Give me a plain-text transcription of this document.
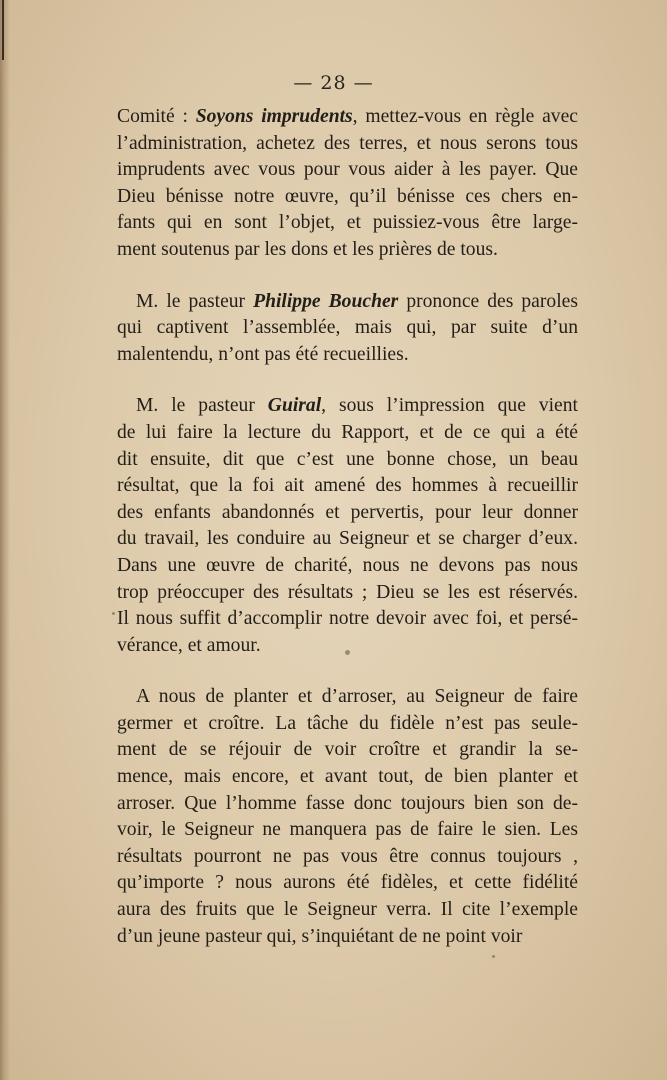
— 28 —
Comité : Soyons imprudents, mettez-vous en règle avec
l’administration, achetez des terres, et nous serons tous
imprudents avec vous pour vous aider à les payer. Que
Dieu bénisse notre œuvre, qu’il bénisse ces chers en-
fants qui en sont l’objet, et puissiez-vous être large-
ment soutenus par les dons et les prières de tous.
M. le pasteur Philippe Boucher prononce des paroles
qui captivent l’assemblée, mais qui, par suite d’un
malentendu, n’ont pas été recueillies.
M. le pasteur Guiral, sous l’impression que vient
de lui faire la lecture du Rapport, et de ce qui a été
dit ensuite, dit que c’est une bonne chose, un beau
résultat, que la foi ait amené des hommes à recueillir
des enfants abandonnés et pervertis, pour leur donner
du travail, les conduire au Seigneur et se charger d’eux.
Dans une œuvre de charité, nous ne devons pas nous
trop préoccuper des résultats ; Dieu se les est réservés.
Il nous suffit d’accomplir notre devoir avec foi, et persé-
vérance, et amour.
A nous de planter et d’arroser, au Seigneur de faire
germer et croître. La tâche du fidèle n’est pas seule-
ment de se réjouir de voir croître et grandir la se-
mence, mais encore, et avant tout, de bien planter et
arroser. Que l’homme fasse donc toujours bien son de-
voir, le Seigneur ne manquera pas de faire le sien. Les
résultats pourront ne pas vous être connus toujours ,
qu’importe ? nous aurons été fidèles, et cette fidélité
aura des fruits que le Seigneur verra. Il cite l’exemple
d’un jeune pasteur qui, s’inquiétant de ne point voir
